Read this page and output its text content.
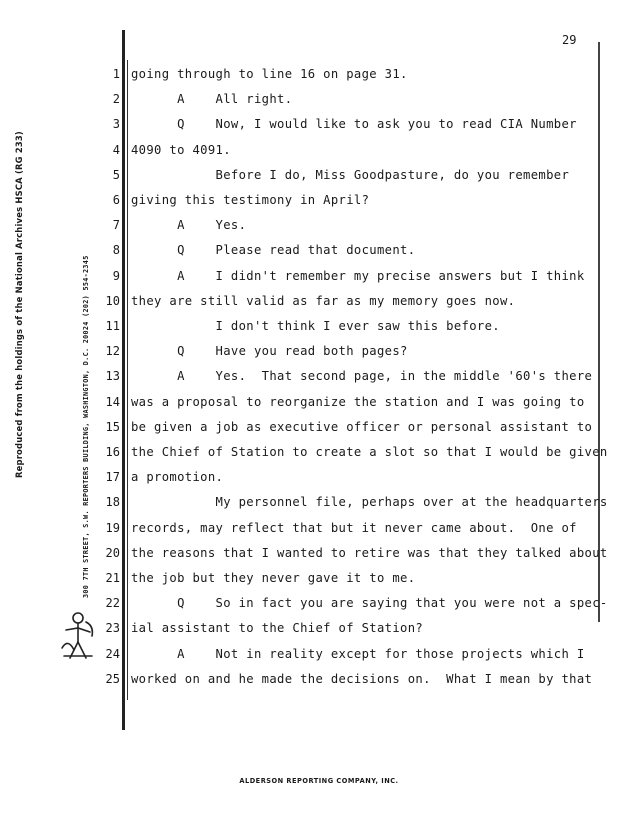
29
Reproduced from the holdings of the National Archives HSCA (RG 233)	300 7TH STREET, S.W. REPORTERS BUILDING, WASHINGTON, D.C. 20024 (202) 554-2345
1 going through to line 16 on page 31.
2 A    All right.
3 Q    Now, I would like to ask you to read CIA Number
4 4090 to 4091.
5 Before I do, Miss Goodpasture, do you remember
6 giving this testimony in April?
7 A    Yes.
8 Q    Please read that document.
9 A    I didn't remember my precise answers but I think
10 they are still valid as far as my memory goes now.
11 I don't think I ever saw this before.
12 Q    Have you read both pages?
13 A    Yes.  That second page, in the middle '60's there
14 was a proposal to reorganize the station and I was going to
15 be given a job as executive officer or personal assistant to
16 the Chief of Station to create a slot so that I would be given
17 a promotion.
18 My personnel file, perhaps over at the headquarters
19 records, may reflect that but it never came about.  One of
20 the reasons that I wanted to retire was that they talked about
21 the job but they never gave it to me.
22 Q    So in fact you are saying that you were not a spec-
23 ial assistant to the Chief of Station?
24 A    Not in reality except for those projects which I
25 worked on and he made the decisions on.  What I mean by that
ALDERSON REPORTING COMPANY, INC.
